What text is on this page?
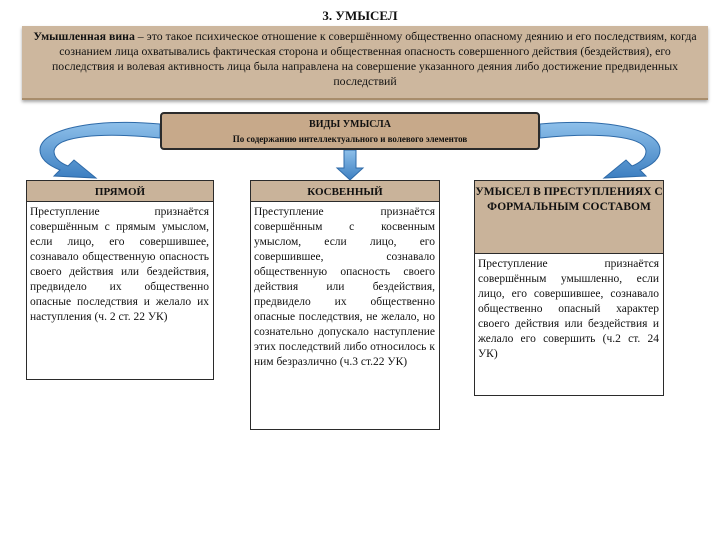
3. УМЫСЕЛ
Умышленная вина – это такое психическое отношение к совершённому общественно опасному деянию и его последствиям, когда сознанием лица охватывались фактическая сторона и общественная опасность совершенного действия (бездействия), его последствия и волевая активность лица была направлена на совершение указанного деяния либо достижение предвиденных последствий
ВИДЫ УМЫСЛА
По содержанию интеллектуального и волевого элементов
ПРЯМОЙ
Преступление признаётся совершённым с прямым умыслом, если лицо, его совершившее, сознавало общественную опасность своего действия или бездействия, предвидело их общественно опасные последствия и желало их наступления (ч. 2 ст. 22 УК)
КОСВЕННЫЙ
Преступление признаётся совершённым с косвенным умыслом, если лицо, его совершившее, сознавало общественную опасность своего действия или бездействия, предвидело их общественно опасные последствия, не желало, но сознательно допускало наступление этих последствий либо относилось к ним безразлично (ч.3 ст.22 УК)
УМЫСЕЛ В ПРЕСТУПЛЕНИЯХ С ФОРМАЛЬНЫМ СОСТАВОМ
Преступление признаётся совершённым умышленно, если лицо, его совершившее, сознавало общественно опасный характер своего действия или бездействия и желало его совершить (ч.2 ст. 24 УК)
